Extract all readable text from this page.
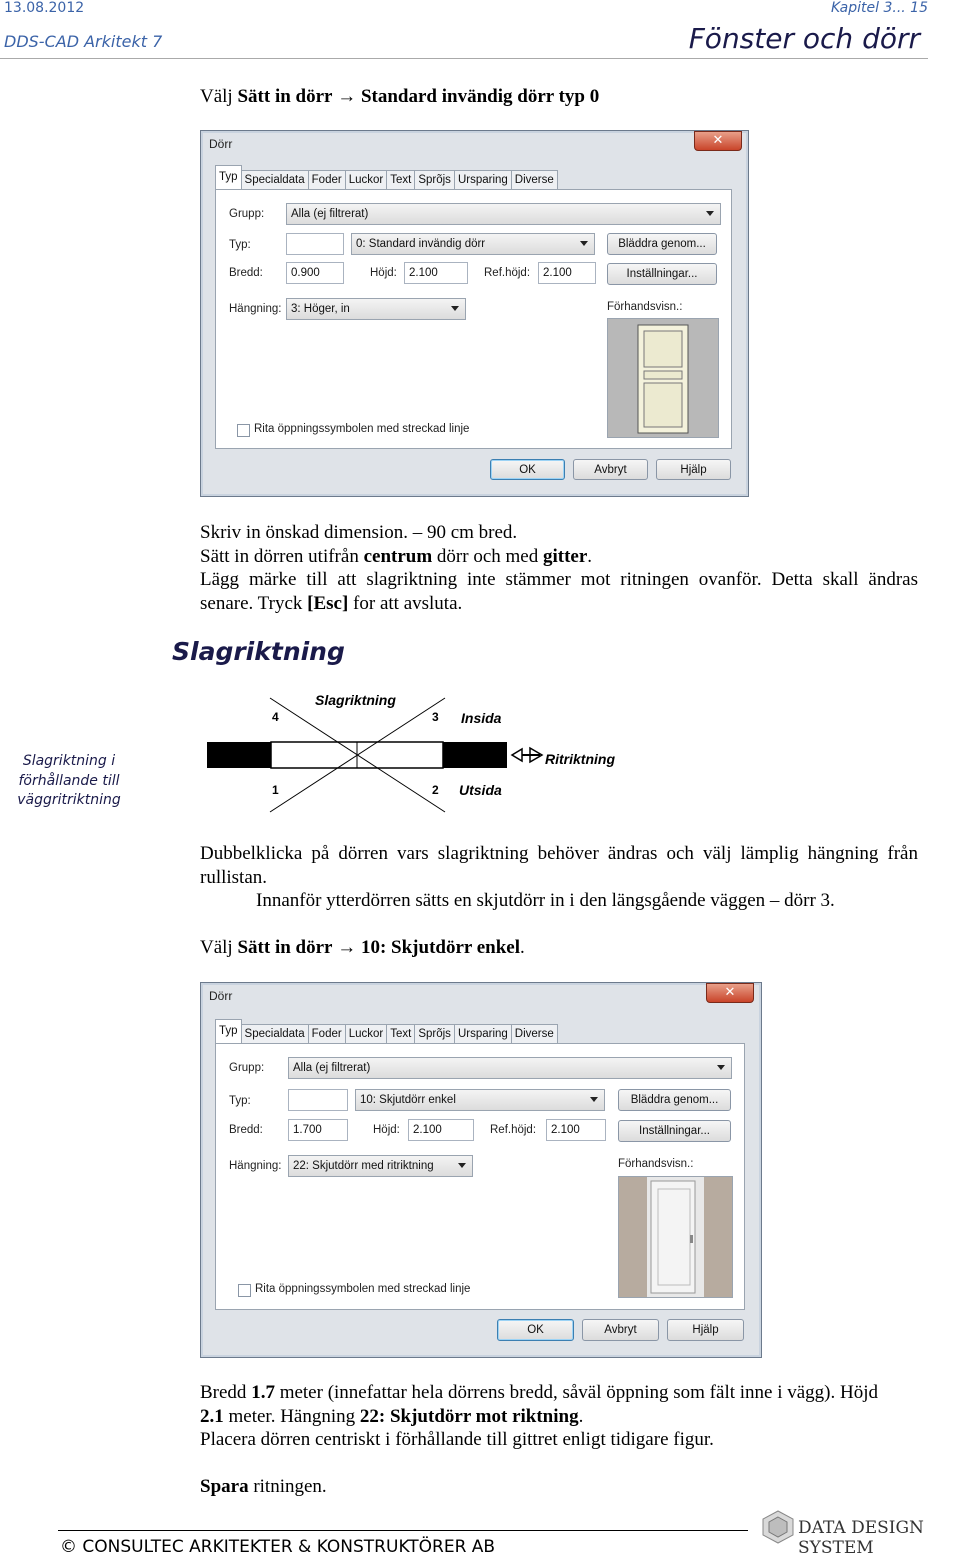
13.08.2012
DDS-CAD Arkitekt 7
Kapitel 3... 15
Fönster och dörr
Välj Sätt in dörr → Standard invändig dörr typ 0
Dörr	✕
Typ Specialdata Foder Luckor Text Sprõjs Ursparing Diverse
Grupp:	Alla (ej filtrerat)
Typ:	0: Standard invändig dörr	Bläddra genom...
Bredd:	0.900	Höjd:	2.100	Ref.höjd:	2.100	Inställningar...
Hängning: 3: Höger, in	Förhandsvisn.:
Rita öppningssymbolen med streckad linje
OK	Avbryt	Hjälp
Skriv in önskad dimension. – 90 cm bred.
Sätt in dörren utifrån centrum dörr och med gitter.
Lägg märke till att slagriktning inte stämmer mot ritningen ovanför. Detta skall ändras
senare. Tryck [Esc] for att avsluta.
Slagriktning
Slagriktning i
förhållande till
väggritriktning
Slagriktning
4	3 Insida
Ritriktning
1	2 Utsida
Dubbelklicka på dörren vars slagriktning behöver ändras och välj lämplig hängning från
rullistan.
Innanför ytterdörren sätts en skjutdörr in i den längsgående väggen – dörr 3.
Välj Sätt in dörr → 10: Skjutdörr enkel.
Dörr	✕
Typ Specialdata Foder Luckor Text Sprõjs Ursparing Diverse
Grupp:	Alla (ej filtrerat)
Typ:	10: Skjutdörr enkel	Bläddra genom...
Bredd:	1.700	Höjd:	2.100	Ref.höjd:	2.100	Inställningar...
Hängning:	22: Skjutdörr med ritriktning	Förhandsvisn.:
Rita öppningssymbolen med streckad linje
OK	Avbryt	Hjälp
Bredd 1.7 meter (innefattar hela dörrens bredd, såväl öppning som fält inne i vägg). Höjd
2.1 meter. Hängning 22: Skjutdörr mot riktning.
Placera dörren centriskt i förhållande till gittret enligt tidigare figur.
Spara ritningen.
© CONSULTEC ARKITEKTER & KONSTRUKTÖRER AB
DATA DESIGN SYSTEM
